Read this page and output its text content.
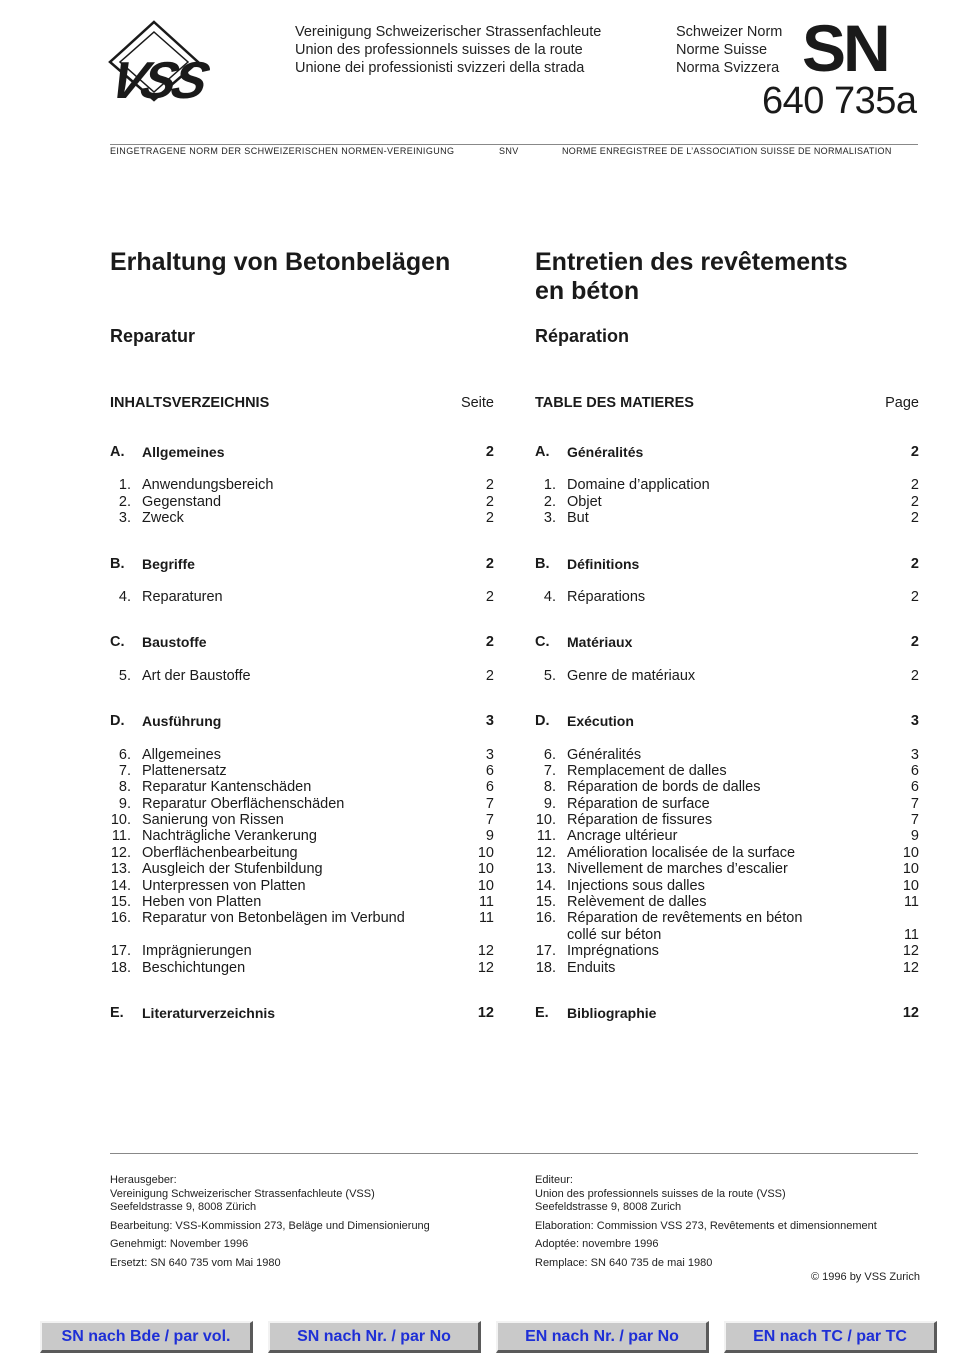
VSS
Vereinigung Schweizerischer Strassenfachleute
Union des professionnels suisses de la route
Unione dei professionisti svizzeri della strada
Schweizer Norm
Norme Suisse
Norma Svizzera SN
640 735a
EINGETRAGENE NORM DER SCHWEIZERISCHEN NORMEN-VEREINIGUNG	SNV	NORME ENREGISTREE DE L’ASSOCIATION SUISSE DE NORMALISATION
Erhaltung von Betonbelägen	Entretien des revêtements
en béton
Reparatur	Réparation
INHALTSVERZEICHNIS	Seite
A.	Allgemeines	2
1. Anwendungsbereich	2
2. Gegenstand	2
3. Zweck	2
B.	Begriffe	2
4. Reparaturen	2
C.	Baustoffe	2
5. Art der Baustoffe	2
D.	Ausführung	3
6. Allgemeines	3
7. Plattenersatz	6
8. Reparatur Kantenschäden	6
9. Reparatur Oberflächenschäden	7
10. Sanierung von Rissen	7
11. Nachträgliche Verankerung	9
12. Oberflächenbearbeitung	10
13. Ausgleich der Stufenbildung	10
14. Unterpressen von Platten	10
15. Heben von Platten	11
16. Reparatur von Betonbelägen im Verbund	11
17. Imprägnierungen	12
18. Beschichtungen	12
E.	Literaturverzeichnis	12
TABLE DES MATIERES	Page
A.	Généralités	2
1. Domaine d’application	2
2. Objet	2
3. But	2
B.	Définitions	2
4. Réparations	2
C.	Matériaux	2
5. Genre de matériaux	2
D.	Exécution	3
6. Généralités	3
7. Remplacement de dalles	6
8. Réparation de bords de dalles	6
9. Réparation de surface	7
10. Réparation de fissures	7
11. Ancrage ultérieur	9
12. Amélioration localisée de la surface	10
13. Nivellement de marches d’escalier	10
14. Injections sous dalles	10
15. Relèvement de dalles	11
16. Réparation de revêtements en béton
collé sur béton	11
17. Imprégnations	12
18. Enduits	12
E.	Bibliographie	12

Herausgeber:

Vereinigung Schweizerischer Strassenfachleute (VSS)

Seefeldstrasse 9, 8008 Zürich

Bearbeitung: VSS-Kommission 273, Beläge und Dimensionierung

Genehmigt: November 1996

Ersetzt: SN 640 735 vom Mai 1980

Editeur:

Union des professionnels suisses de la route (VSS)

Seefeldstrasse 9, 8008 Zurich

Elaboration: Commission VSS 273, Revêtements et dimensionnement

Adoptée: novembre 1996

Remplace: SN 640 735 de mai 1980

© 1996 by VSS Zurich

SN nach Bde / par vol.	SN nach Nr. / par No	EN nach Nr. / par No	EN nach TC / par TC
